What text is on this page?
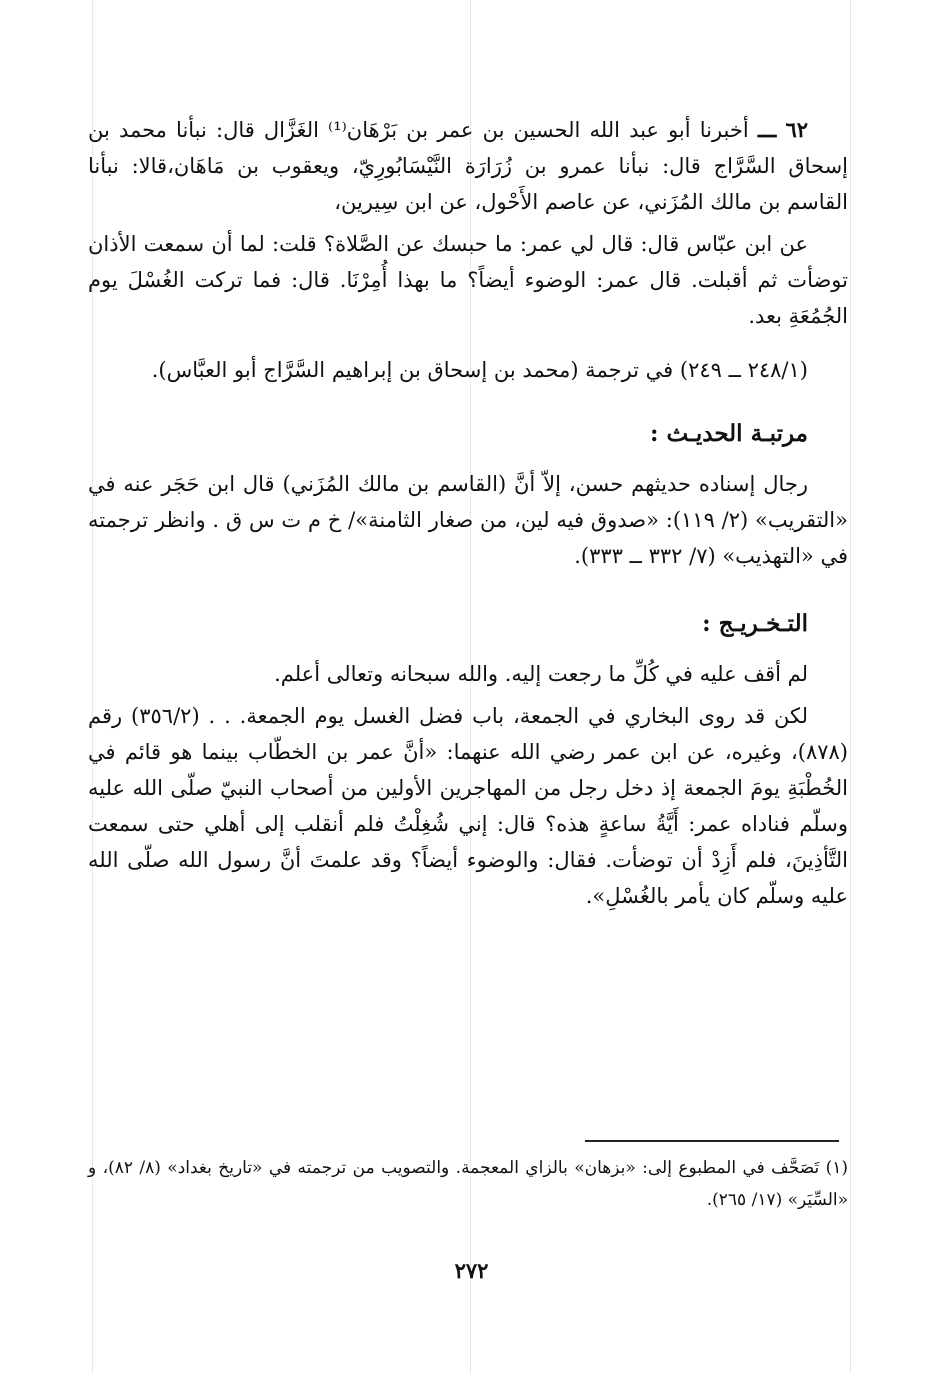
٦٢ ـــ أخبرنا أبو عبد الله الحسين بن عمر بن بَرْهَان⁽¹⁾ الغَزَّال قال: نبأنا محمد بن إسحاق السَّرَّاج قال: نبأنا عمرو بن زُرَارَة النَّيْسَابُورِيّ، ويعقوب بن مَاهَان،قالا: نبأنا القاسم بن مالك المُزَني، عن عاصم الأَحْول، عن ابن سِيرين،

عن ابن عبّاس قال: قال لي عمر: ما حبسك عن الصَّلاة؟ قلت: لما أن سمعت الأذان توضأت ثم أقبلت. قال عمر: الوضوء أيضاً؟ ما بهذا أُمِرْنَا. قال: فما تركت الغُسْلَ يوم الجُمُعَةِ بعد.

(٢٤٨/١ ــ ٢٤٩) في ترجمة (محمد بن إسحاق بن إبراهيم السَّرَّاج أبو العبَّاس).

مرتبـة الحديـث :

رجال إسناده حديثهم حسن، إلاّ أنَّ (القاسم بن مالك المُزَني) قال ابن حَجَر عنه في «التقريب» (٢/ ١١٩): «صدوق فيه لين، من صغار الثامنة»/ خ م ت س ق . وانظر ترجمته في «التهذيب» (٧/ ٣٣٢ ــ ٣٣٣).

التـخـريـج :

لم أقف عليه في كُلِّ ما رجعت إليه. والله سبحانه وتعالى أعلم.

لكن قد روى البخاري في الجمعة، باب فضل الغسل يوم الجمعة. . . (٣٥٦/٢) رقم (٨٧٨)، وغيره، عن ابن عمر رضي الله عنهما: «أنَّ عمر بن الخطّاب بينما هو قائم في الخُطْبَةِ يومَ الجمعة إذ دخل رجل من المهاجرين الأولين من أصحاب النبيّ صلّى الله عليه وسلّم فناداه عمر: أَيَّةُ ساعةٍ هذه؟ قال: إني شُغِلْتُ فلم أنقلب إلى أهلي حتى سمعت التَّأذِينَ، فلم أَزِدْ أن توضأت. فقال: والوضوء أيضاً؟ وقد علمتَ أنَّ رسول الله صلّى الله عليه وسلّم كان يأمر بالغُسْلِ».

(١) تَصَحَّف في المطبوع إلى: «بزهان» بالزاي المعجمة. والتصويب من ترجمته في «تاريخ بغداد» (٨/ ٨٢)، و «السِّيَر» (١٧/ ٢٦٥).
٢٧٢
